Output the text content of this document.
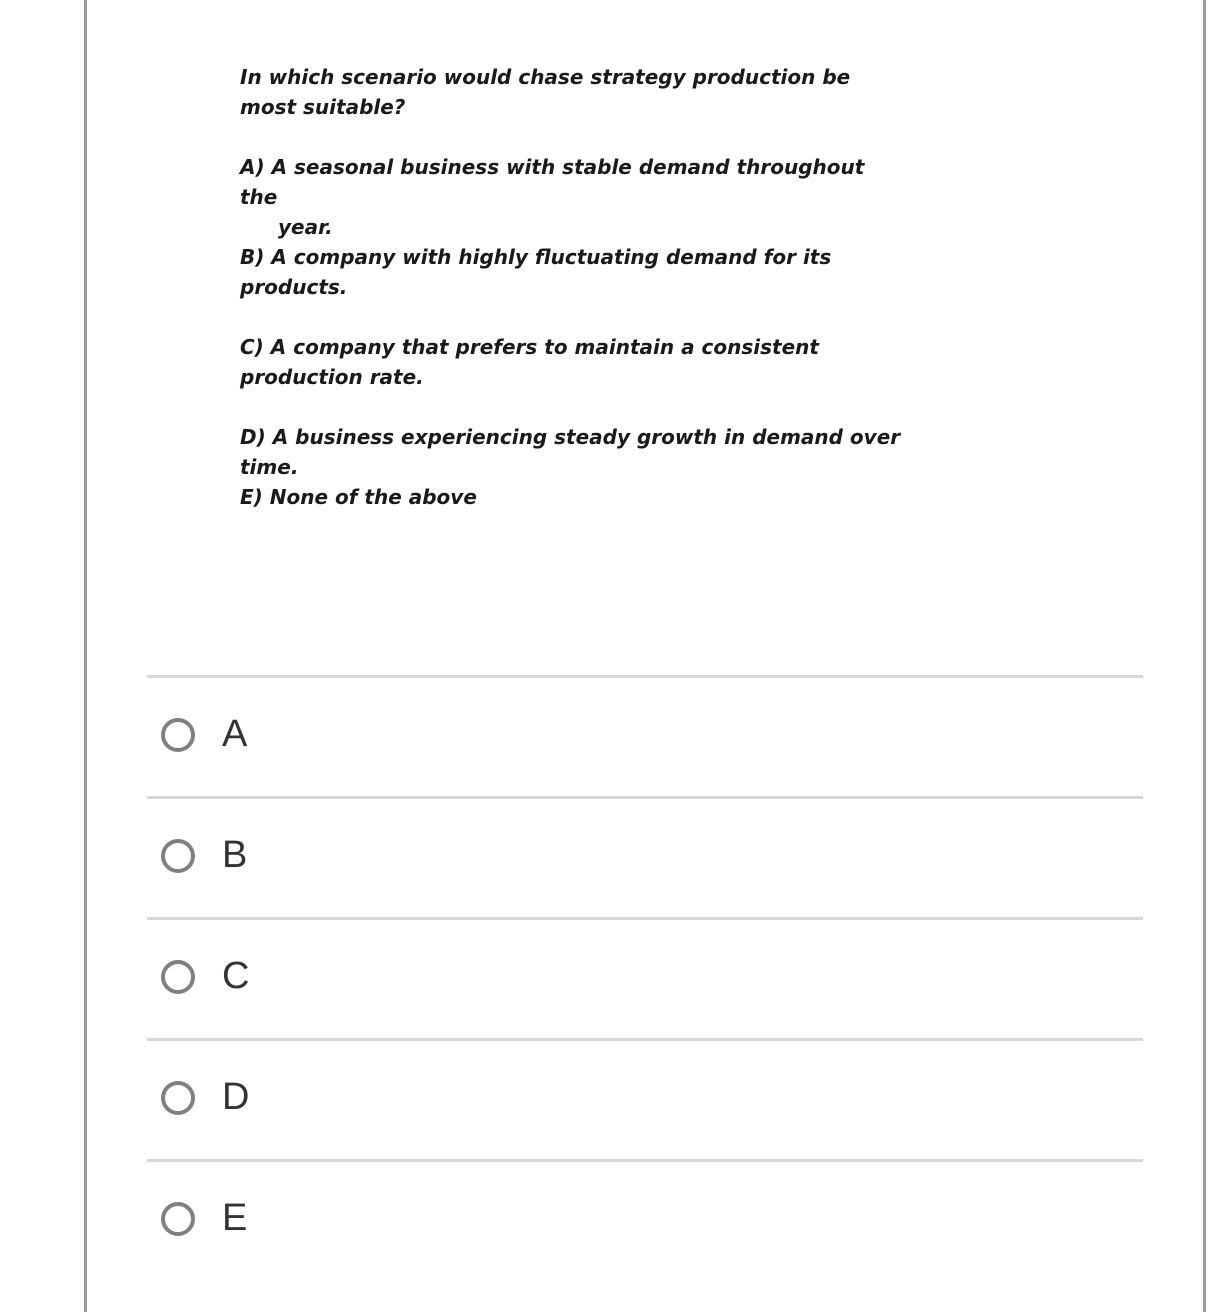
In which scenario would chase strategy production be most suitable?

A) A seasonal business with stable demand throughout the
year.
B) A company with highly fluctuating demand for its products.
C) A company that prefers to maintain a consistent production rate.
D) A business experiencing steady growth in demand over time.
E) None of the above
A
B
C
D
E
